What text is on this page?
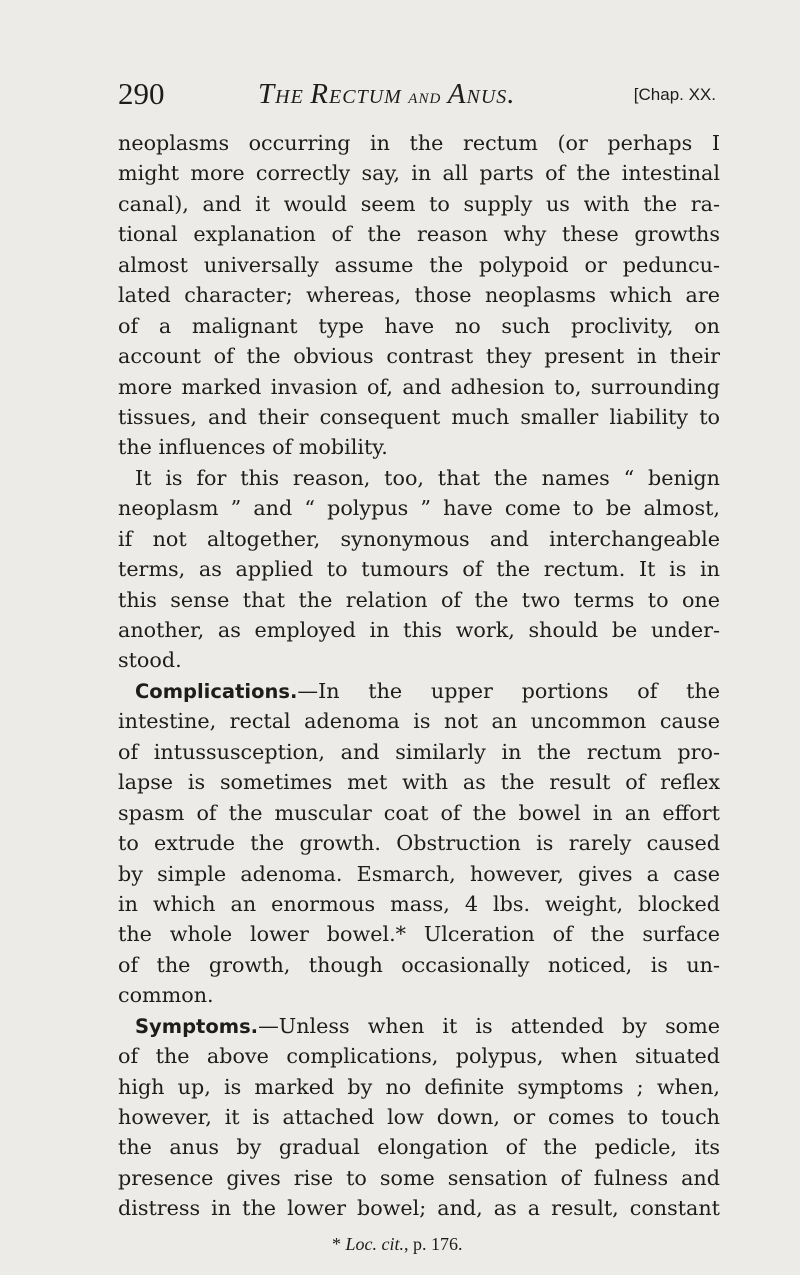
290	The Rectum and Anus.	[Chap. XX.
neoplasms occurring in the rectum (or perhaps I
might more correctly say, in all parts of the intestinal
canal), and it would seem to supply us with the ra-
tional explanation of the reason why these growths
almost universally assume the polypoid or peduncu-
lated character; whereas, those neoplasms which are
of a malignant type have no such proclivity, on
account of the obvious contrast they present in their
more marked invasion of, and adhesion to, surrounding
tissues, and their consequent much smaller liability to
the influences of mobility.
It is for this reason, too, that the names “ benign
neoplasm ” and “ polypus ” have come to be almost,
if not altogether, synonymous and interchangeable
terms, as applied to tumours of the rectum. It is in
this sense that the relation of the two terms to one
another, as employed in this work, should be under-
stood.
Complications.—In the upper portions of the
intestine, rectal adenoma is not an uncommon cause
of intussusception, and similarly in the rectum pro-
lapse is sometimes met with as the result of reflex
spasm of the muscular coat of the bowel in an effort
to extrude the growth. Obstruction is rarely caused
by simple adenoma. Esmarch, however, gives a case
in which an enormous mass, 4 lbs. weight, blocked
the whole lower bowel.* Ulceration of the surface
of the growth, though occasionally noticed, is un-
common.
Symptoms.—Unless when it is attended by some
of the above complications, polypus, when situated
high up, is marked by no definite symptoms ; when,
however, it is attached low down, or comes to touch
the anus by gradual elongation of the pedicle, its
presence gives rise to some sensation of fulness and
distress in the lower bowel; and, as a result, constant
* Loc. cit., p. 176.
